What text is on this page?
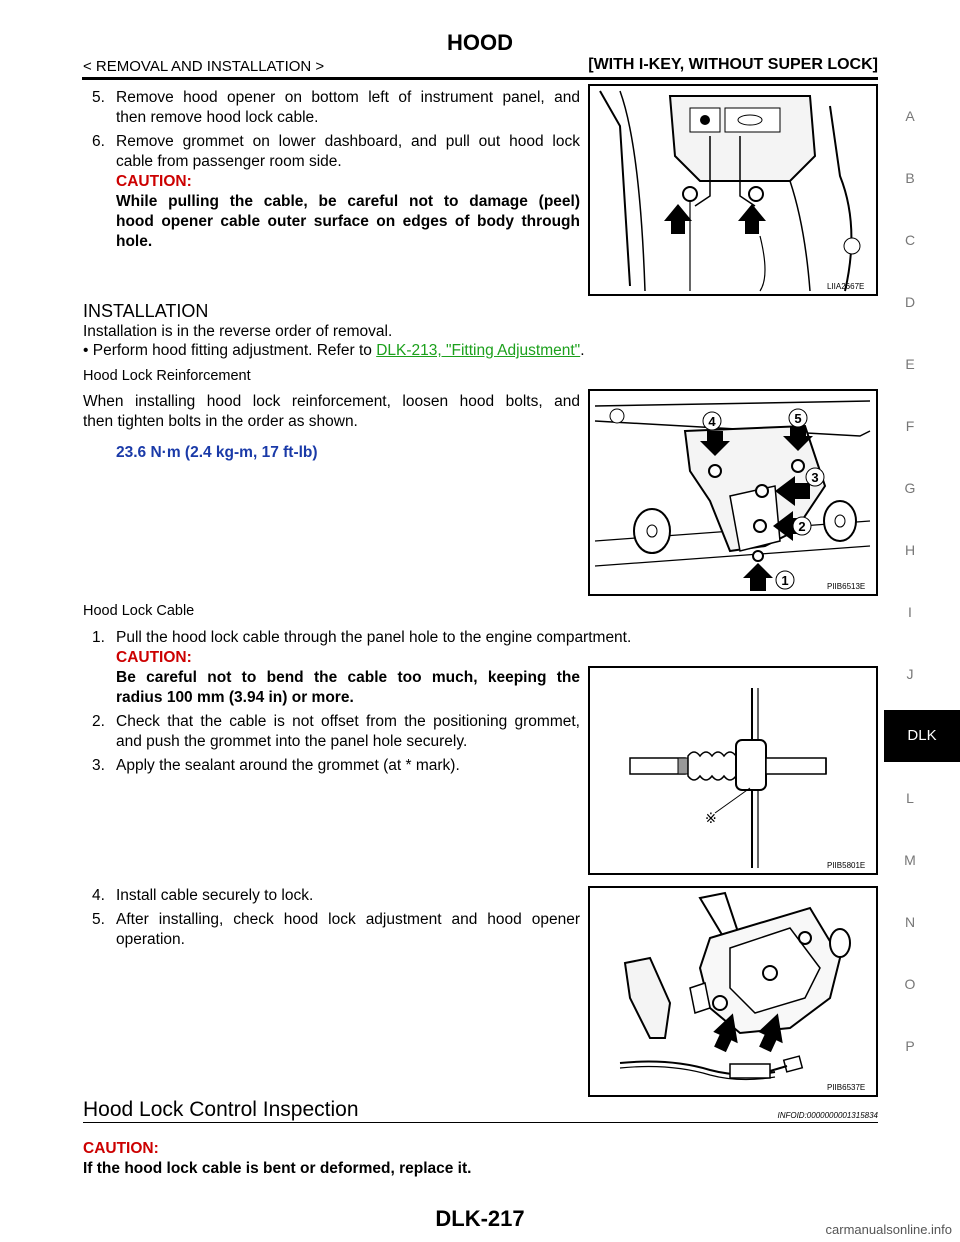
HOOD
< REMOVAL AND INSTALLATION >	[WITH I-KEY, WITHOUT SUPER LOCK]
A
B
C
D
E
F
G
H
I
J
DLK
L
M
N
O
P
5. Remove hood opener on bottom left of instrument panel, and
then remove hood lock cable.
6. Remove grommet on lower dashboard, and pull out hood lock
cable from passenger room side.
CAUTION:
While pulling the cable, be careful not to damage (peel)
hood opener cable outer surface on edges of body through
hole.
LIIA2667E
INSTALLATION
Installation is in the reverse order of removal.
• Perform hood fitting adjustment. Refer to DLK-213, "Fitting Adjustment".
Hood Lock Reinforcement
When installing hood lock reinforcement, loosen hood bolts, and
then tighten bolts in the order as shown.
23.6 N·m (2.4 kg-m, 17 ft-lb)
4	5
3
2
1	PIIB6513E
Hood Lock Cable
1. Pull the hood lock cable through the panel hole to the engine compartment.
CAUTION:
Be careful not to bend the cable too much, keeping the
radius 100 mm (3.94 in) or more.
2. Check that the cable is not offset from the positioning grommet,
and push the grommet into the panel hole securely.
3. Apply the sealant around the grommet (at * mark).
※
PIIB5801E
4. Install cable securely to lock.
5. After installing, check hood lock adjustment and hood opener
operation.
PIIB6537E
Hood Lock Control Inspection	INFOID:0000000001315834
CAUTION:
If the hood lock cable is bent or deformed, replace it.
DLK-217	carmanualsonline.info
